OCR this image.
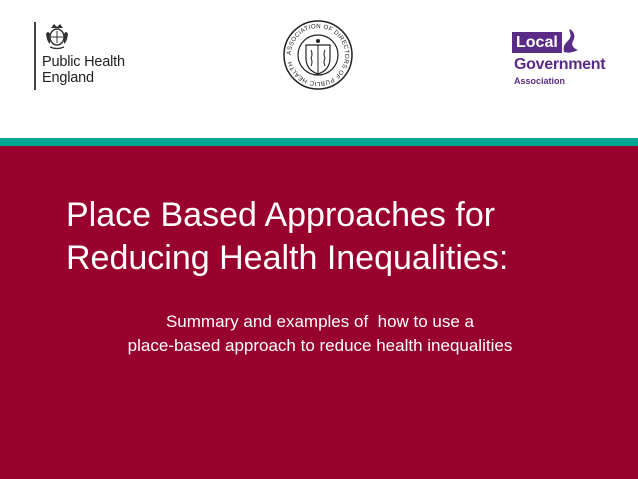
Public Health
England
ASSOCIATION OF DIRECTORS OF PUBLIC HEALTH
Local
Government
Association
Place Based Approaches for
Reducing Health Inequalities:
Summary and examples of  how to use a
place-based approach to reduce health inequalities
